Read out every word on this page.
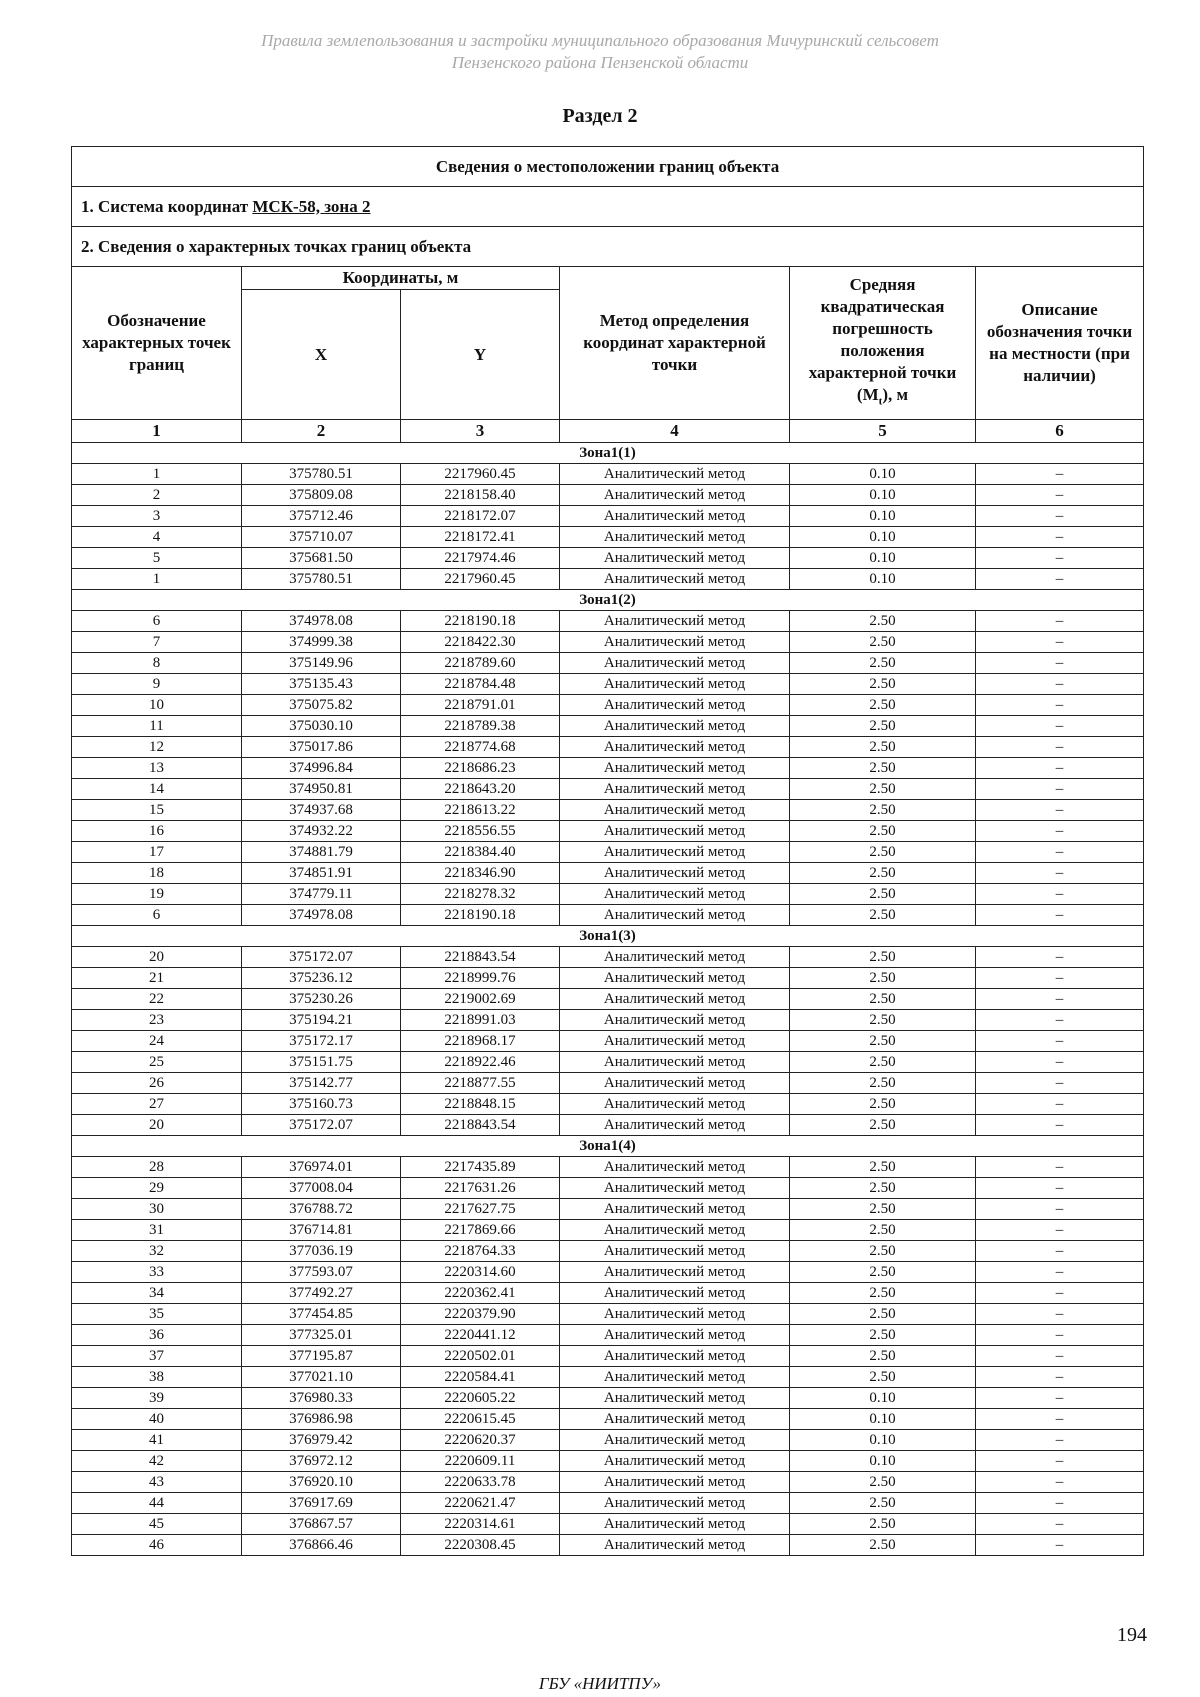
Правила землепользования и застройки муниципального образования Мичуринский сельсовет
Пензенского района Пензенской области
Раздел 2
Сведения о местоположении границ объекта					
1. Система координат МСК-58, зона 2					
2. Сведения о характерных точках границ объекта					
Обозначение характерных точек границ	Координаты, м		Метод определения координат характерной точки	Средняя квадратическая погрешность положения характерной точки $(M_t)$, м	Описание обозначения точки на местности (при наличии)
	X	Y			
1	2	3	4	5	6
Зона1(1)					
1	375780.51	2217960.45	Аналитический метод	0.10	–
2	375809.08	2218158.40	Аналитический метод	0.10	–
3	375712.46	2218172.07	Аналитический метод	0.10	–
4	375710.07	2218172.41	Аналитический метод	0.10	–
5	375681.50	2217974.46	Аналитический метод	0.10	–
1	375780.51	2217960.45	Аналитический метод	0.10	–
Зона1(2)					
6	374978.08	2218190.18	Аналитический метод	2.50	–
7	374999.38	2218422.30	Аналитический метод	2.50	–
8	375149.96	2218789.60	Аналитический метод	2.50	–
9	375135.43	2218784.48	Аналитический метод	2.50	–
10	375075.82	2218791.01	Аналитический метод	2.50	–
11	375030.10	2218789.38	Аналитический метод	2.50	–
12	375017.86	2218774.68	Аналитический метод	2.50	–
13	374996.84	2218686.23	Аналитический метод	2.50	–
14	374950.81	2218643.20	Аналитический метод	2.50	–
15	374937.68	2218613.22	Аналитический метод	2.50	–
16	374932.22	2218556.55	Аналитический метод	2.50	–
17	374881.79	2218384.40	Аналитический метод	2.50	–
18	374851.91	2218346.90	Аналитический метод	2.50	–
19	374779.11	2218278.32	Аналитический метод	2.50	–
6	374978.08	2218190.18	Аналитический метод	2.50	–
Зона1(3)					
20	375172.07	2218843.54	Аналитический метод	2.50	–
21	375236.12	2218999.76	Аналитический метод	2.50	–
22	375230.26	2219002.69	Аналитический метод	2.50	–
23	375194.21	2218991.03	Аналитический метод	2.50	–
24	375172.17	2218968.17	Аналитический метод	2.50	–
25	375151.75	2218922.46	Аналитический метод	2.50	–
26	375142.77	2218877.55	Аналитический метод	2.50	–
27	375160.73	2218848.15	Аналитический метод	2.50	–
20	375172.07	2218843.54	Аналитический метод	2.50	–
Зона1(4)					
28	376974.01	2217435.89	Аналитический метод	2.50	–
29	377008.04	2217631.26	Аналитический метод	2.50	–
30	376788.72	2217627.75	Аналитический метод	2.50	–
31	376714.81	2217869.66	Аналитический метод	2.50	–
32	377036.19	2218764.33	Аналитический метод	2.50	–
33	377593.07	2220314.60	Аналитический метод	2.50	–
34	377492.27	2220362.41	Аналитический метод	2.50	–
35	377454.85	2220379.90	Аналитический метод	2.50	–
36	377325.01	2220441.12	Аналитический метод	2.50	–
37	377195.87	2220502.01	Аналитический метод	2.50	–
38	377021.10	2220584.41	Аналитический метод	2.50	–
39	376980.33	2220605.22	Аналитический метод	0.10	–
40	376986.98	2220615.45	Аналитический метод	0.10	–
41	376979.42	2220620.37	Аналитический метод	0.10	–
42	376972.12	2220609.11	Аналитический метод	0.10	–
43	376920.10	2220633.78	Аналитический метод	2.50	–
44	376917.69	2220621.47	Аналитический метод	2.50	–
45	376867.57	2220314.61	Аналитический метод	2.50	–
46	376866.46	2220308.45	Аналитический метод	2.50	–
194
ГБУ «НИИТПУ»
